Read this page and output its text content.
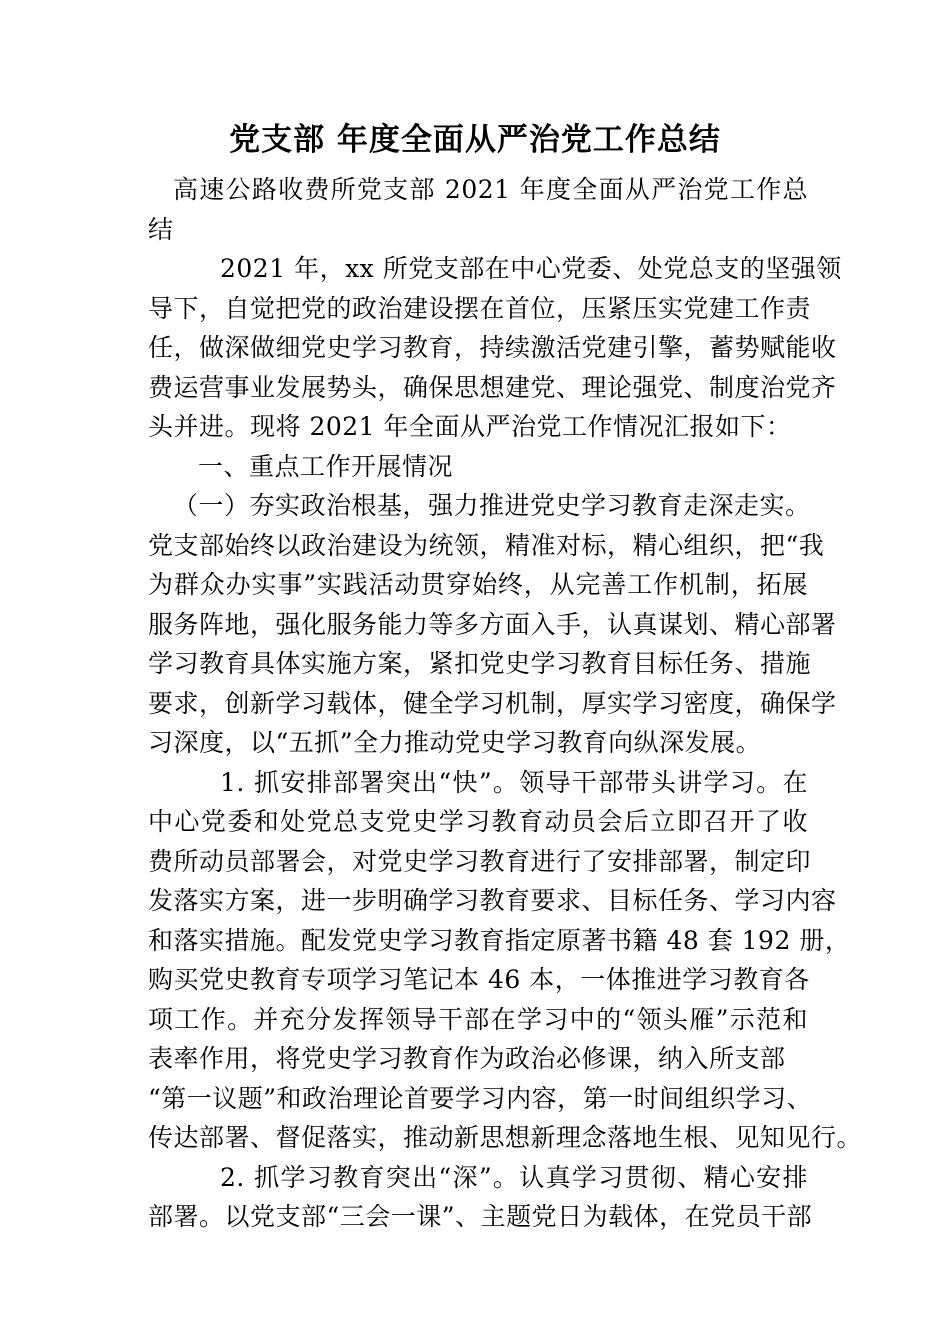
党支部 年度全面从严治党工作总结
高速公路收费所党支部 2021 年度全面从严治党工作总
结
2021 年，xx 所党支部在中心党委、处党总支的坚强领
导下，自觉把党的政治建设摆在首位，压紧压实党建工作责
任，做深做细党史学习教育，持续激活党建引擎，蓄势赋能收
费运营事业发展势头，确保思想建党、理论强党、制度治党齐
头并进。现将 2021 年全面从严治党工作情况汇报如下：
一、重点工作开展情况
（一）夯实政治根基，强力推进党史学习教育走深走实。
党支部始终以政治建设为统领，精准对标，精心组织，把“我
为群众办实事”实践活动贯穿始终，从完善工作机制，拓展
服务阵地，强化服务能力等多方面入手，认真谋划、精心部署
学习教育具体实施方案，紧扣党史学习教育目标任务、措施
要求，创新学习载体，健全学习机制，厚实学习密度，确保学
习深度，以“五抓”全力推动党史学习教育向纵深发展。
1. 抓安排部署突出“快”。领导干部带头讲学习。在
中心党委和处党总支党史学习教育动员会后立即召开了收
费所动员部署会，对党史学习教育进行了安排部署，制定印
发落实方案，进一步明确学习教育要求、目标任务、学习内容
和落实措施。配发党史学习教育指定原著书籍 48 套 192 册，
购买党史教育专项学习笔记本 46 本，一体推进学习教育各
项工作。并充分发挥领导干部在学习中的“领头雁”示范和
表率作用，将党史学习教育作为政治必修课，纳入所支部
“第一议题”和政治理论首要学习内容，第一时间组织学习、
传达部署、督促落实，推动新思想新理念落地生根、见知见行。
2. 抓学习教育突出“深”。认真学习贯彻、精心安排
部署。以党支部“三会一课”、主题党日为载体，在党员干部
